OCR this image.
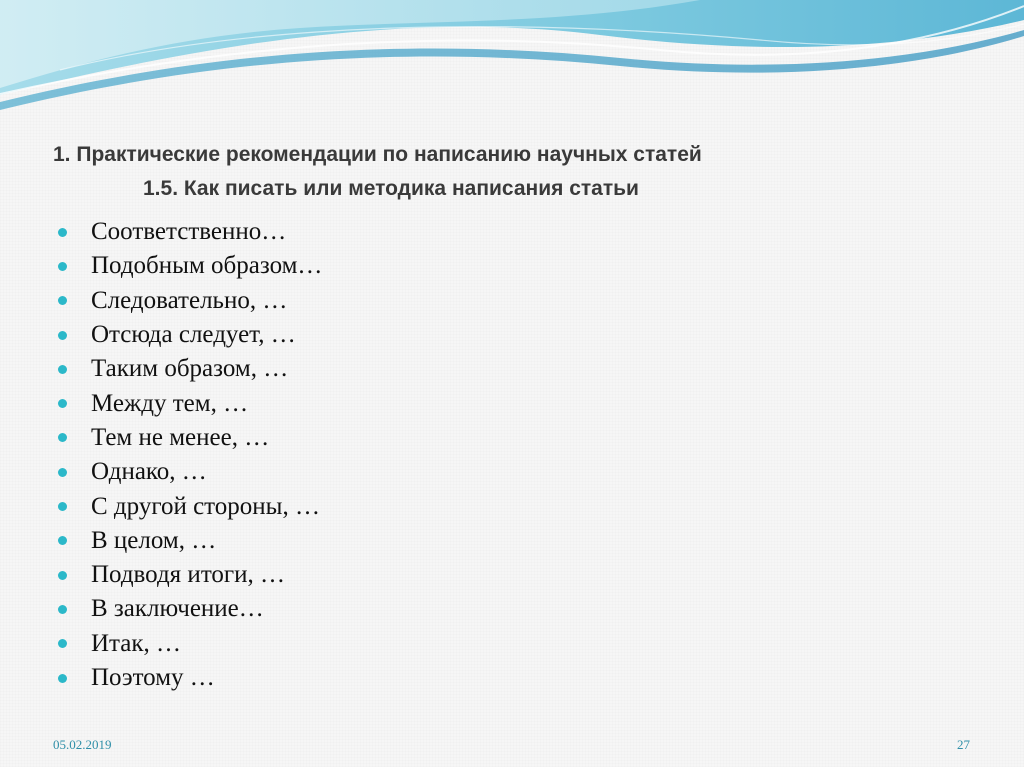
1. Практические рекомендации по написанию научных статей
1.5. Как писать или методика написания статьи
Соответственно…
Подобным образом…
Следовательно, …
Отсюда следует, …
Таким образом, …
Между тем, …
Тем не менее, …
Однако, …
С другой стороны, …
В целом, …
Подводя итоги, …
В заключение…
Итак, …
Поэтому …
05.02.2019	27
